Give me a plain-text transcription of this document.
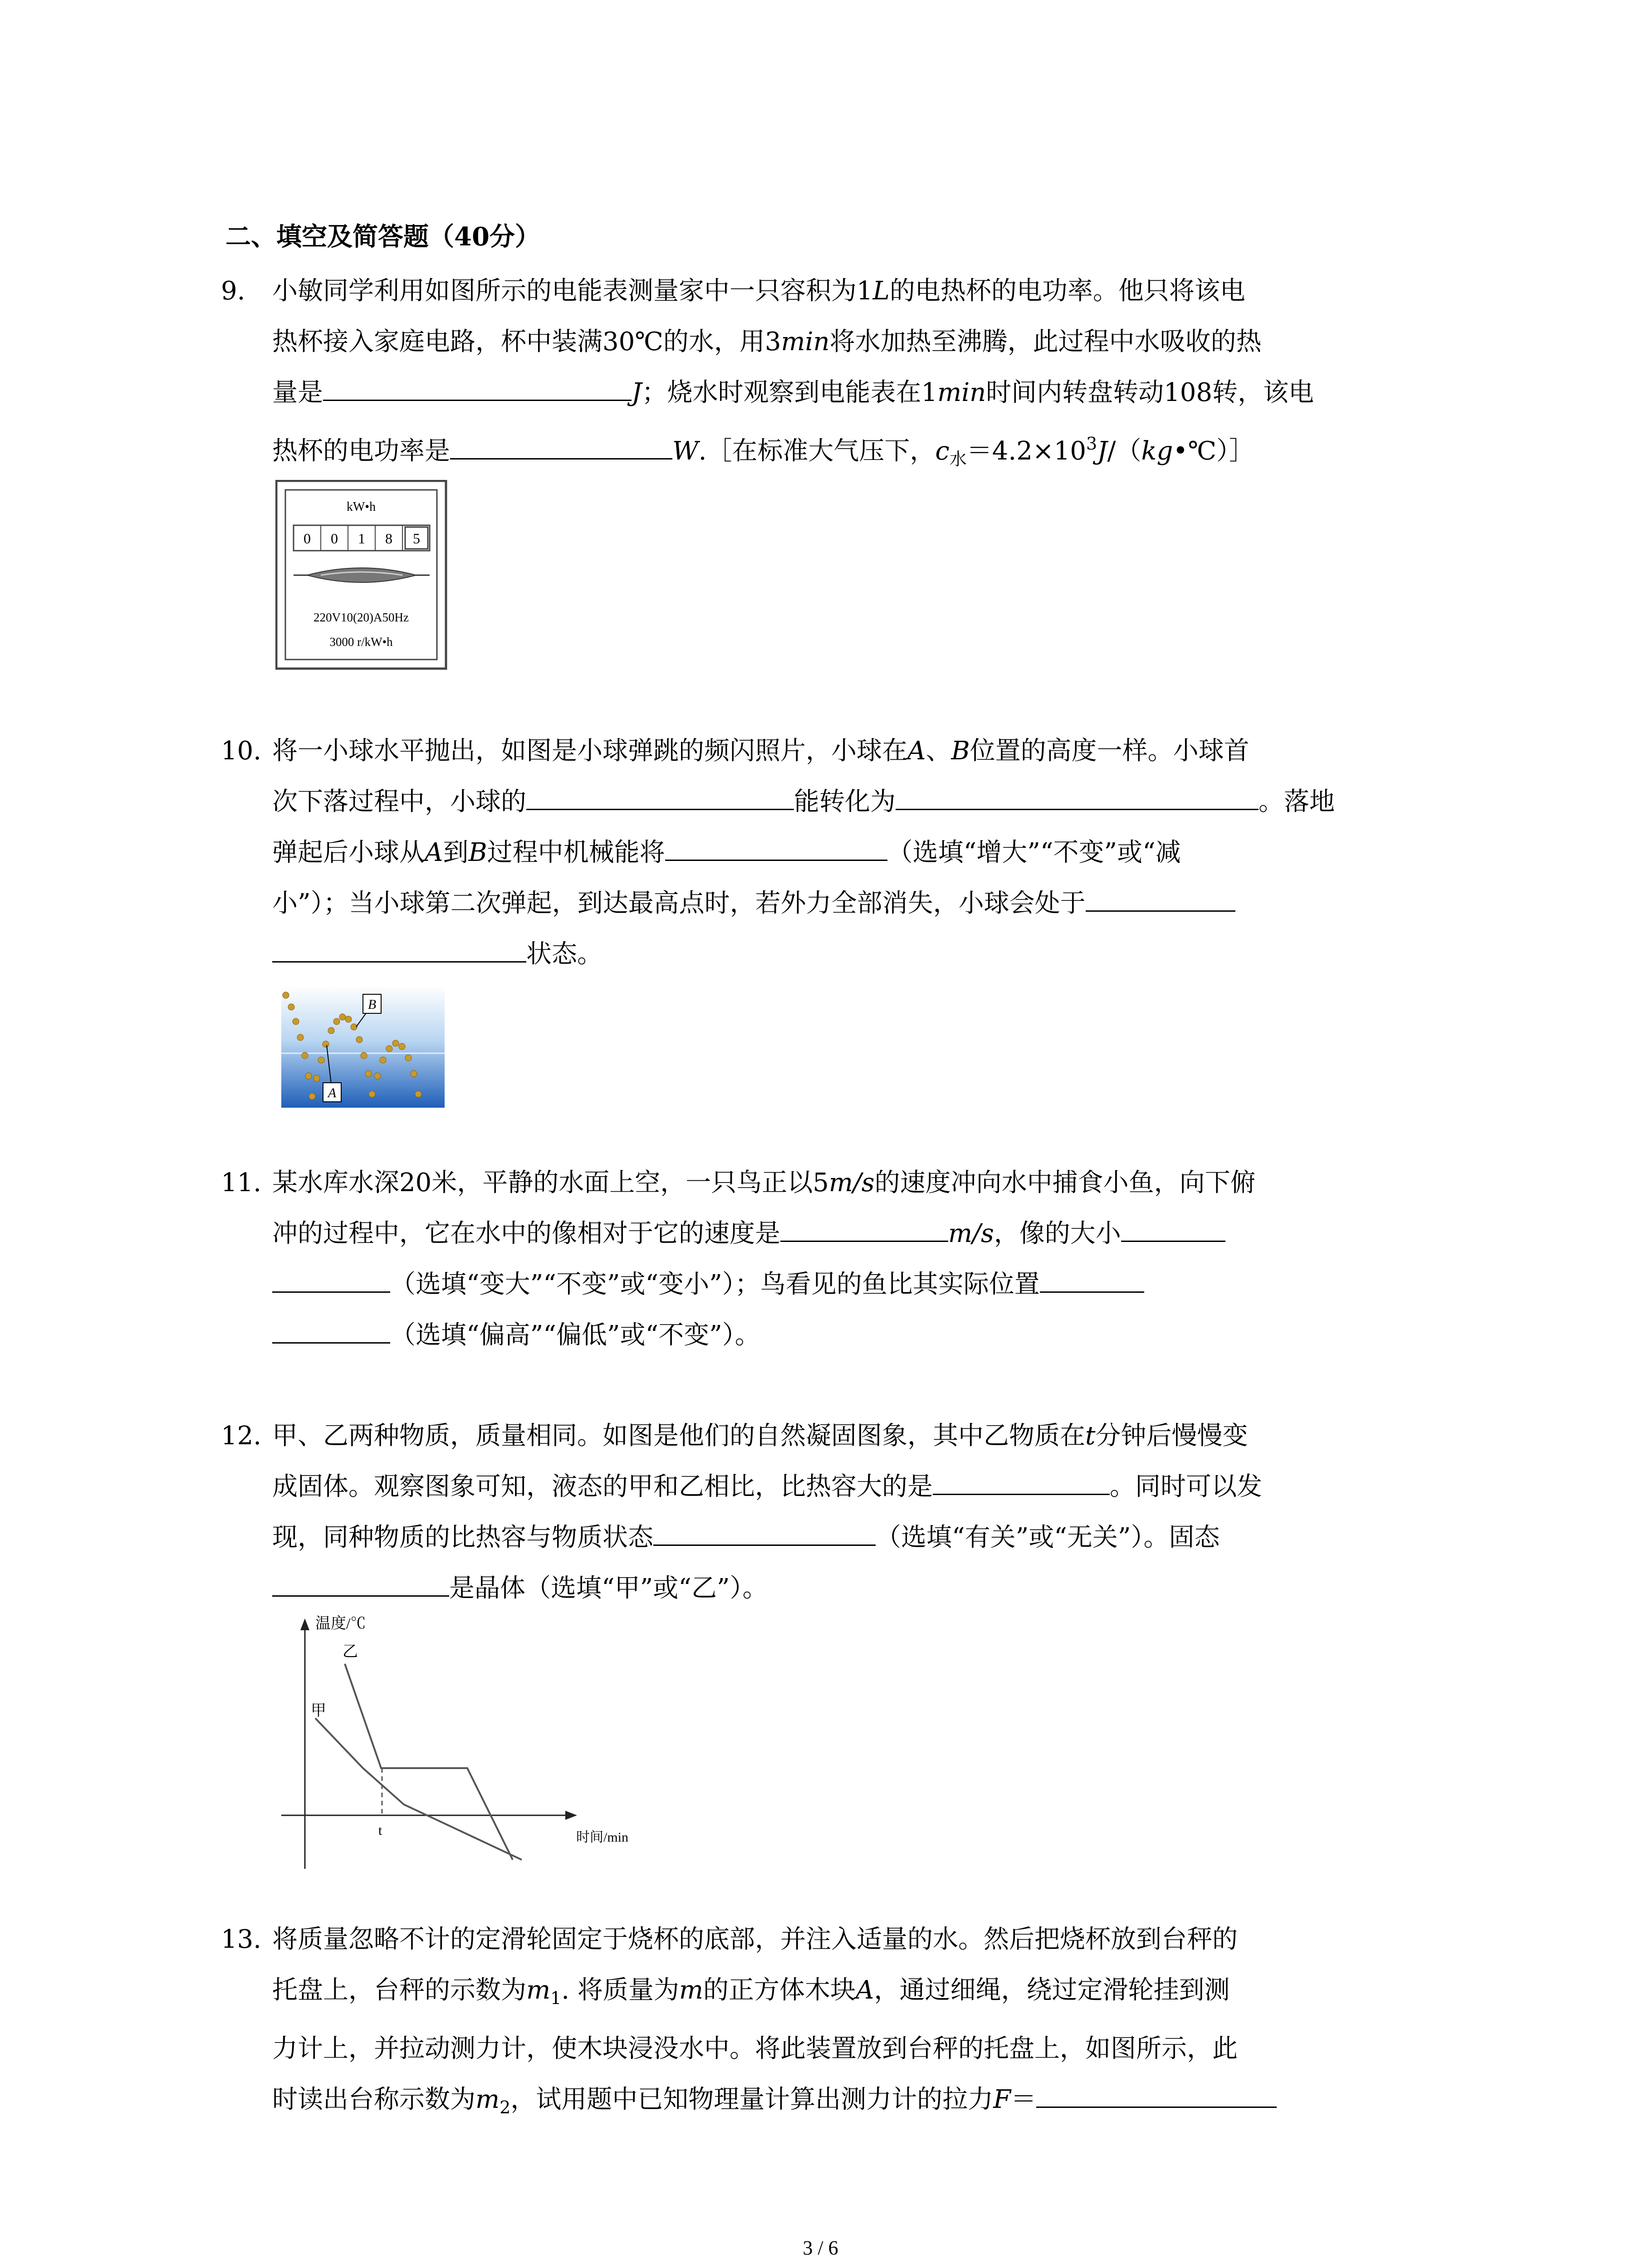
二、填空及简答题（40分）
9. 小敏同学利用如图所示的电能表测量家中一只容积为1L的电热杯的电功率。他只将该电
热杯接入家庭电路，杯中装满30℃的水，用3min将水加热至沸腾，此过程中水吸收的热
量是	J；烧水时观察到电能表在1min时间内转盘转动108转，该电
热杯的电功率是	W.［在标准大气压下，$c_水=4.2\times 10^3J/(kg•℃)]$
kW•h
0 0 1 8 5
220V10(20)A50Hz
3000 r/kW•h
10. 将一小球水平抛出，如图是小球弹跳的频闪照片，小球在A、B位置的高度一样。小球首
次下落过程中，小球的	能转化为	。落地
弹起后小球从A到B过程中机械能将	（选填“增大”“不变”或“减
小”）；当小球第二次弹起，到达最高点时，若外力全部消失，小球会处于
状态。
B
A
11. 某水库水深20米，平静的水面上空，一只鸟正以5m/s的速度冲向水中捕食小鱼，向下俯
冲的过程中，它在水中的像相对于它的速度是	m/s，像的大小
（选填“变大”“不变”或“变小”）；鸟看见的鱼比其实际位置
（选填“偏高”“偏低”或“不变”）。
12. 甲、乙两种物质，质量相同。如图是他们的自然凝固图象，其中乙物质在t分钟后慢慢变
成固体。观察图象可知，液态的甲和乙相比，比热容大的是	。同时可以发
现，同种物质的比热容与物质状态	（选填“有关”或“无关”）。固态
是晶体（选填“甲”或“乙”）。
温度/℃
时间/min
乙
甲
t
13. 将质量忽略不计的定滑轮固定于烧杯的底部，并注入适量的水。然后把烧杯放到台秤的
托盘上，台秤的示数为$m_1$. 将质量为m的正方体木块A，通过细绳，绕过定滑轮挂到测
力计上，并拉动测力计，使木块浸没水中。将此装置放到台秤的托盘上，如图所示，此
时读出台称示数为$m_2$，试用题中已知物理量计算出测力计的拉力F＝
3 / 6
